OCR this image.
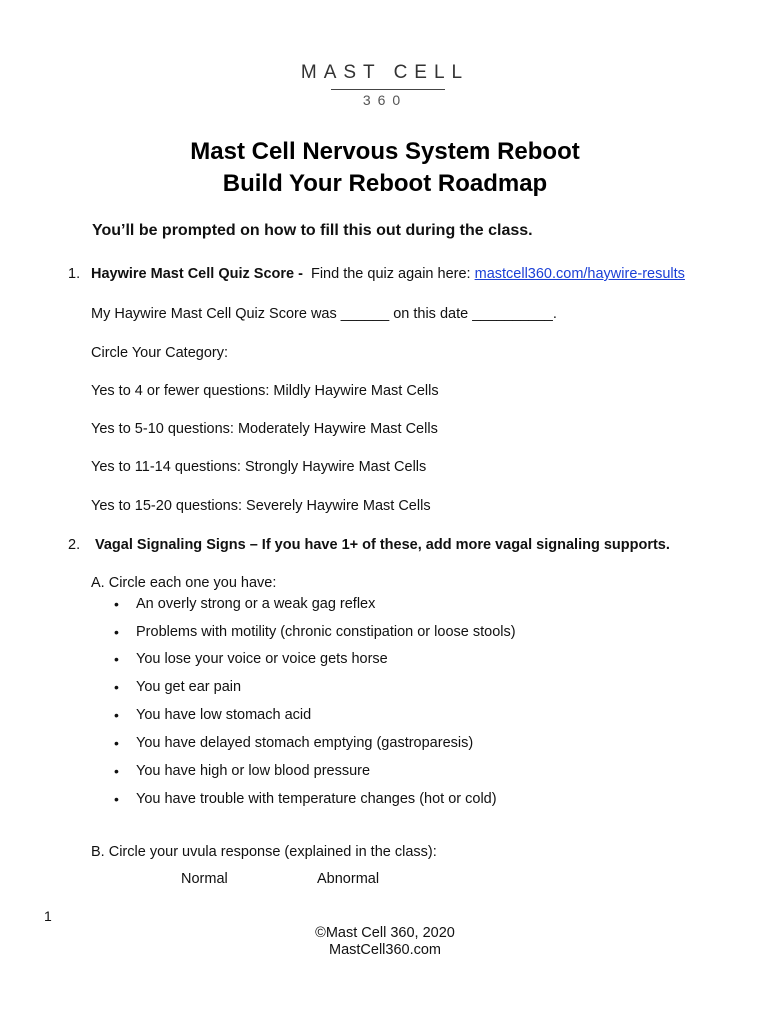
MAST CELL
360
Mast Cell Nervous System Reboot
Build Your Reboot Roadmap
You’ll be prompted on how to fill this out during the class.
1. Haywire Mast Cell Quiz Score - Find the quiz again here: mastcell360.com/haywire-results
My Haywire Mast Cell Quiz Score was ______ on this date __________.
Circle Your Category:
Yes to 4 or fewer questions: Mildly Haywire Mast Cells
Yes to 5-10 questions: Moderately Haywire Mast Cells
Yes to 11-14 questions: Strongly Haywire Mast Cells
Yes to 15-20 questions: Severely Haywire Mast Cells
2. Vagal Signaling Signs – If you have 1+ of these, add more vagal signaling supports.
A. Circle each one you have:
• An overly strong or a weak gag reflex
• Problems with motility (chronic constipation or loose stools)
• You lose your voice or voice gets horse
• You get ear pain
• You have low stomach acid
• You have delayed stomach emptying (gastroparesis)
• You have high or low blood pressure
• You have trouble with temperature changes (hot or cold)
B. Circle your uvula response (explained in the class):
Normal	Abnormal
1
©Mast Cell 360, 2020
MastCell360.com
